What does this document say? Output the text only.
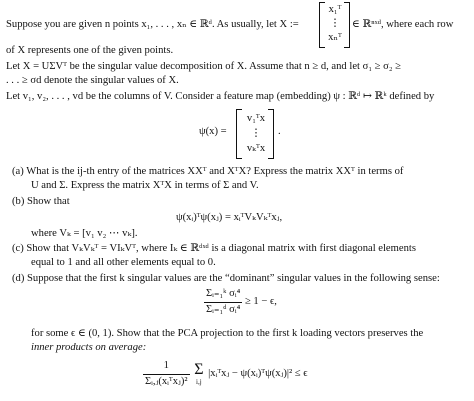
Suppose you are given n points x₁, . . . , xₙ ∈ ℝᵈ. As usually, let X :=
x₁ᵀ
⋮
xₙᵀ
∈ ℝⁿˣᵈ, where each row
of X represents one of the given points.
Let X = UΣVᵀ be the singular value decomposition of X. Assume that n ≥ d, and let σ₁ ≥ σ₂ ≥
. . . ≥ σd denote the singular values of X.
Let v₁, v₂, . . . , vd be the columns of V. Consider a feature map (embedding) ψ : ℝᵈ ↦ ℝᵏ defined by
ψ(x) =
v₁ᵀx
⋮
vₖᵀx
.
(a) What is the ij-th entry of the matrices XXᵀ and XᵀX? Express the matrix XXᵀ in terms of
U and Σ. Express the matrix XᵀX in terms of Σ and V.
(b) Show that
ψ(xᵢ)ᵀψ(xⱼ) = xᵢᵀVₖVₖᵀxⱼ,
where Vₖ = [v₁ v₂ ⋯ vₖ].
(c) Show that VₖVₖᵀ = VIₖVᵀ, where Iₖ ∈ ℝᵈˣᵈ is a diagonal matrix with first diagonal elements
equal to 1 and all other elements equal to 0.
(d) Suppose that the first k singular values are the “dominant” singular values in the following sense:
$\frac{\text{Σᵢ₌₁ᵏ σᵢ⁴}}{\text{Σᵢ₌₁ᵈ σᵢ⁴}} \ge 1 - \epsilon$,
for some ϵ ∈ (0, 1). Show that the PCA projection to the first k loading vectors preserves the
inner products on average:
$\frac{1}{\text{Σᵢ,ⱼ(xᵢᵀxⱼ)²}}$
Σ
i,j
|xᵢᵀxⱼ − ψ(xᵢ)ᵀψ(xⱼ)|² ≤ ϵ
